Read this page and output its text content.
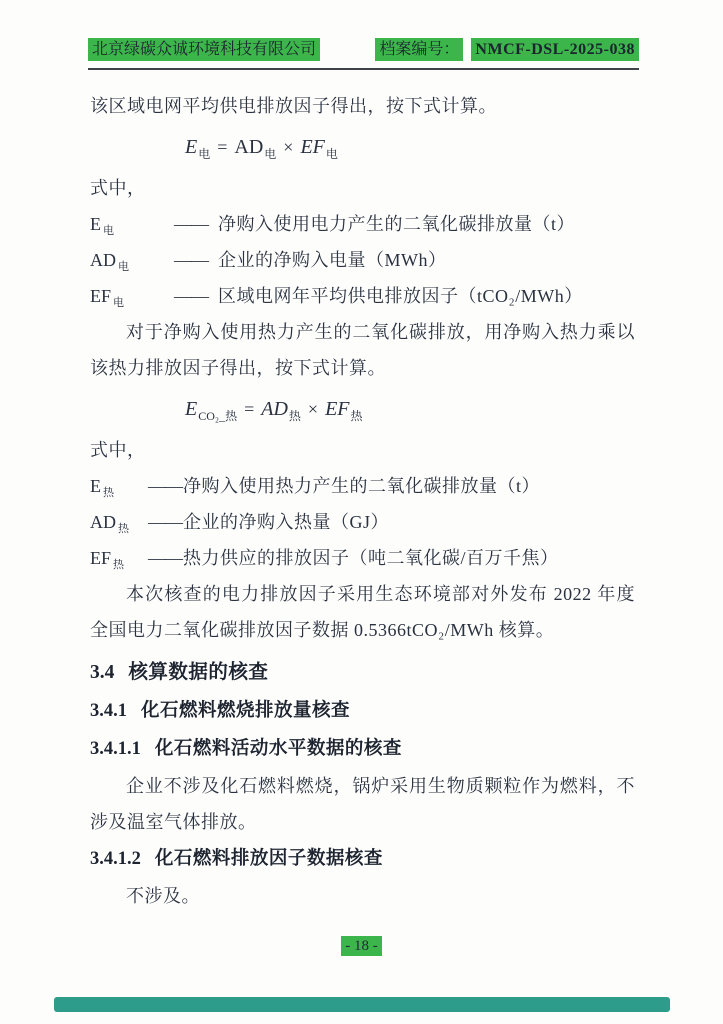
北京绿碳众诚环境科技有限公司	档案编号： NMCF-DSL-2025-038

该区域电网平均供电排放因子得出，按下式计算。

$E_电 = AD_电 \times EF_电$

式中，

E $_电$	—— 净购入使用电力产生的二氧化碳排放量（t）
AD $_电$	—— 企业的净购入电量（MWh）
EF $_电$	—— 区域电网年平均供电排放因子（tCO₂/MWh）

对于净购入使用热力产生的二氧化碳排放，用净购入热力乘以该热力排放因子得出，按下式计算。

$E_{CO_2\_热} = AD_热 \times EF_热$

式中，

E $_热$	—— 净购入使用热力产生的二氧化碳排放量（t）
AD $_热$	—— 企业的净购入热量（GJ）
EF $_热$	—— 热力供应的排放因子（吨二氧化碳/百万千焦）

本次核查的电力排放因子采用生态环境部对外发布 2022 年度全国电力二氧化碳排放因子数据 0.5366tCO₂/MWh 核算。

3.4 核算数据的核查
3.4.1 化石燃料燃烧排放量核查
3.4.1.1 化石燃料活动水平数据的核查

企业不涉及化石燃料燃烧，锅炉采用生物质颗粒作为燃料，不涉及温室气体排放。

3.4.1.2 化石燃料排放因子数据核查

不涉及。

- 18 -
